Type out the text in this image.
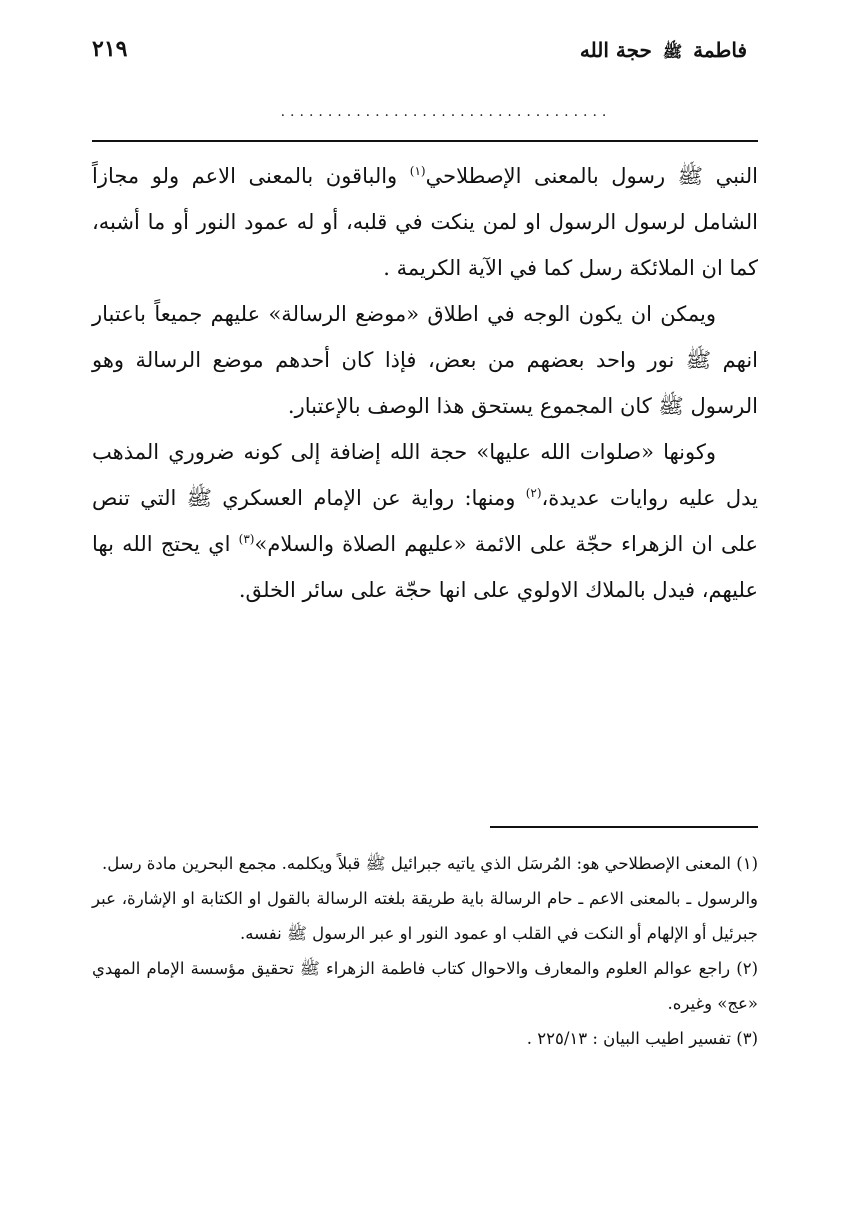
فاطمة ﷺ حجة الله
٢١٩
...................................

النبي ﷺ رسول بالمعنى الإصطلاحي$^{(١)}$ والباقون بالمعنى الاعم ولو مجازاً الشامل لرسول الرسول او لمن ينكت في قلبه، أو له عمود النور أو ما أشبه، كما ان الملائكة رسل كما في الآية الكريمة .

ويمكن ان يكون الوجه في اطلاق «موضع الرسالة» عليهم جميعاً باعتبار انهم ﷺ نور واحد بعضهم من بعض، فإذا كان أحدهم موضع الرسالة وهو الرسول ﷺ كان المجموع يستحق هذا الوصف بالإعتبار.

وكونها «صلوات الله عليها» حجة الله إضافة إلى كونه ضروري المذهب يدل عليه روايات عديدة،$^{(٢)}$ ومنها: رواية عن الإمام العسكري ﷺ التي تنص على ان الزهراء حجّة على الائمة «عليهم الصلاة والسلام»$^{(٣)}$ اي يحتج الله بها عليهم، فيدل بالملاك الاولوي على انها حجّة على سائر الخلق.

(١) المعنى الإصطلاحي هو: المُرسَل الذي ياتيه جبرائيل ﷺ قبلاً ويكلمه. مجمع البحرين مادة رسل.

والرسول ـ بالمعنى الاعم ـ حام الرسالة باية طريقة بلغته الرسالة بالقول او الكتابة او الإشارة، عبر جبرئيل أو الإلهام أو النكت في القلب او عمود النور او عبر الرسول ﷺ نفسه.

(٢) راجع عوالم العلوم والمعارف والاحوال كتاب فاطمة الزهراء ﷺ تحقيق مؤسسة الإمام المهدي «عج» وغيره.

(٣) تفسير اطيب البيان : ٢٢٥/١٣ .
